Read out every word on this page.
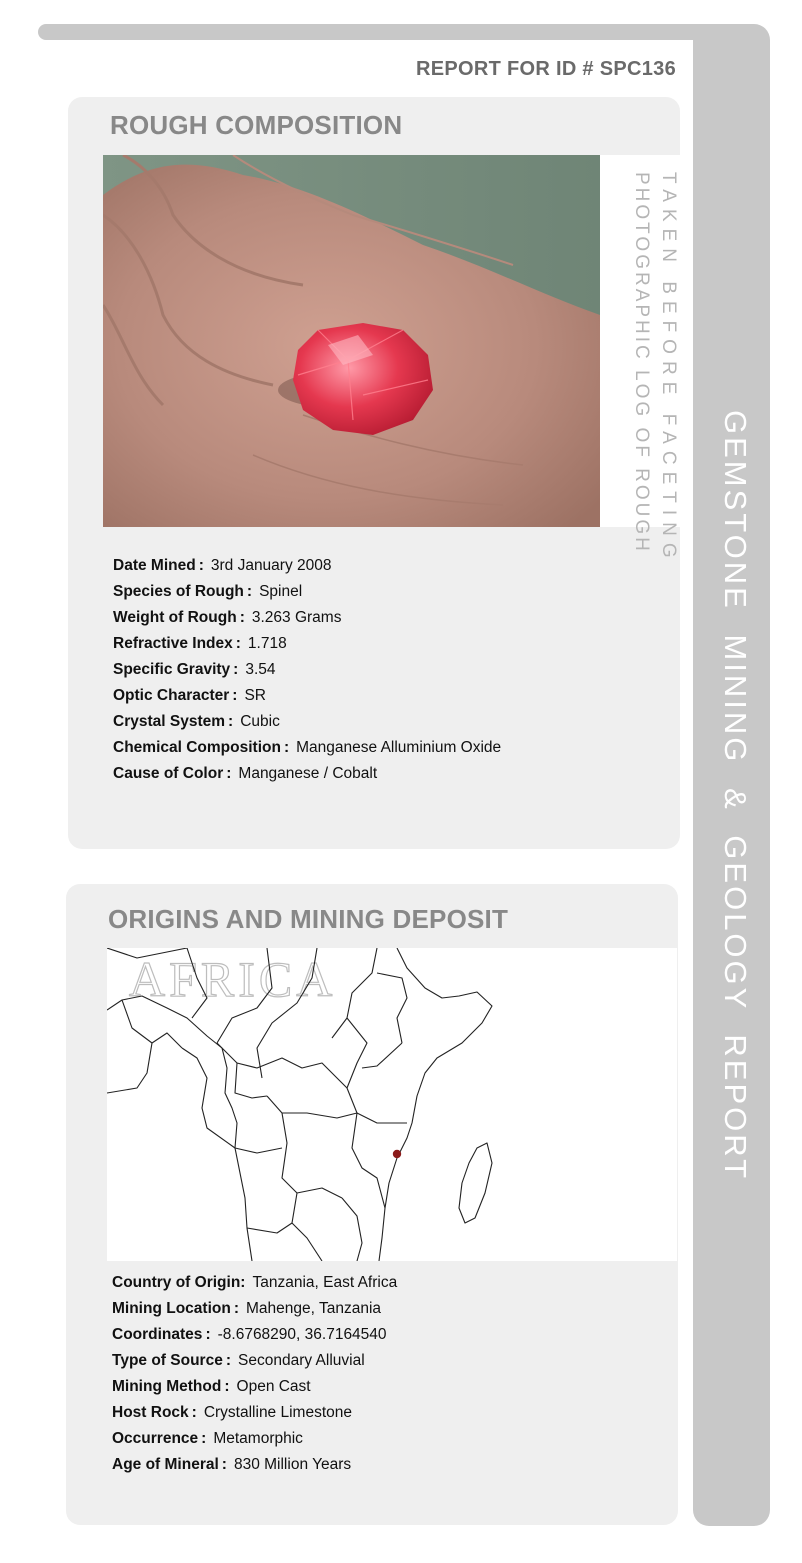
GEMSTONE MINING & GEOLOGY REPORT
REPORT FOR ID # SPC136
ROUGH COMPOSITION
PHOTOGRAPHIC LOG OF ROUGH TAKEN BEFORE FACETING
Date Mined : 3rd January 2008
Species of Rough : Spinel
Weight of Rough : 3.263 Grams
Refractive Index : 1.718
Specific Gravity : 3.54
Optic Character : SR
Crystal System : Cubic
Chemical Composition : Manganese Alluminium Oxide
Cause of Color : Manganese / Cobalt
ORIGINS AND MINING DEPOSIT
AFRICA
Country of Origin: Tanzania, East Africa
Mining Location : Mahenge, Tanzania
Coordinates : -8.6768290, 36.7164540
Type of Source : Secondary Alluvial
Mining Method : Open Cast
Host Rock : Crystalline Limestone
Occurrence : Metamorphic
Age of Mineral : 830 Million Years
